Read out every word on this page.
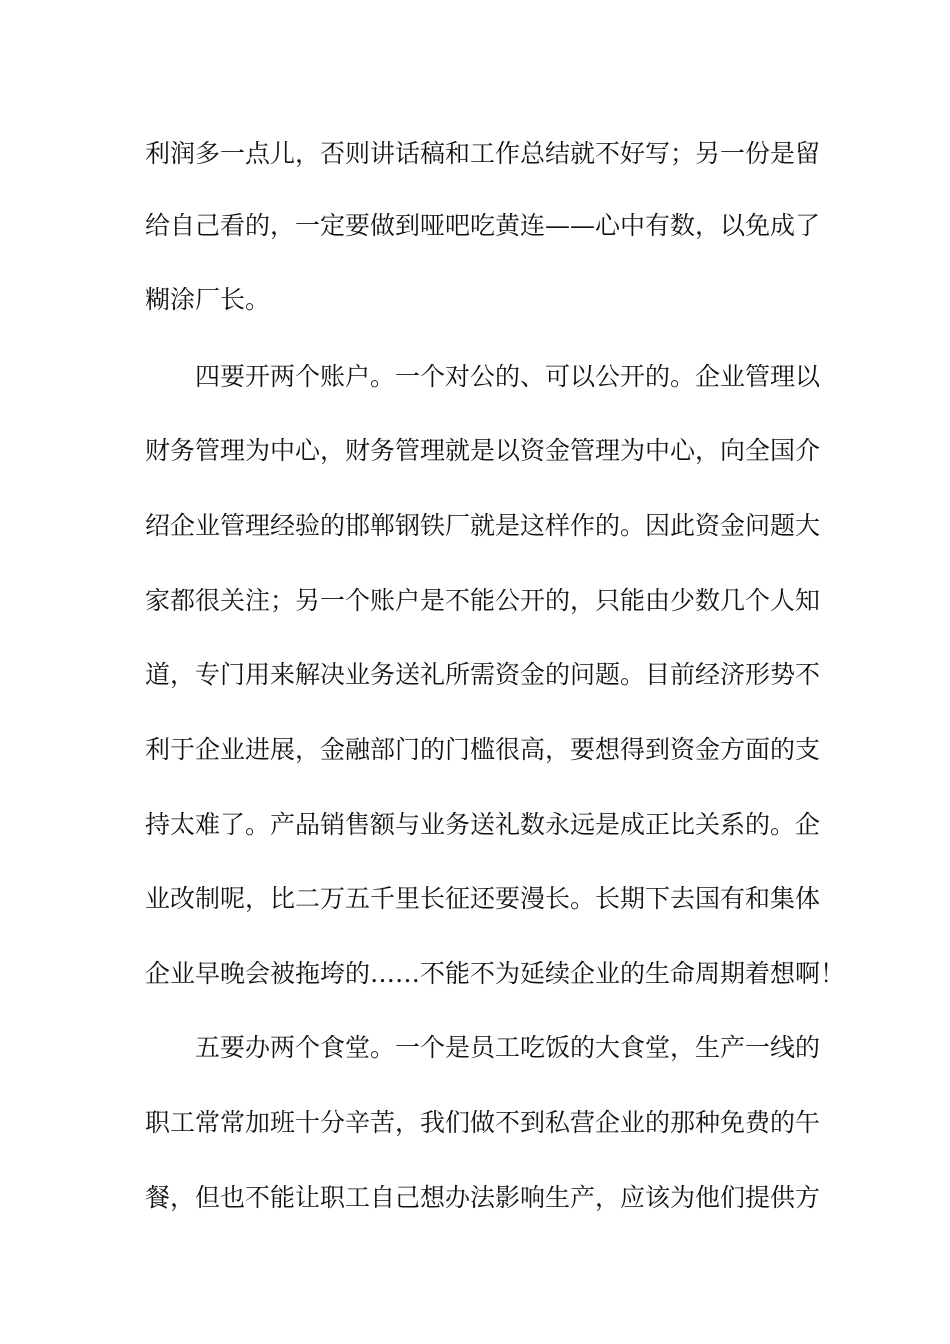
利润多一点儿，否则讲话稿和工作总结就不好写；另一份是留
给自己看的，一定要做到哑吧吃黄连——心中有数，以免成了
糊涂厂长。
四要开两个账户。一个对公的、可以公开的。企业管理以
财务管理为中心，财务管理就是以资金管理为中心，向全国介
绍企业管理经验的邯郸钢铁厂就是这样作的。因此资金问题大
家都很关注；另一个账户是不能公开的，只能由少数几个人知
道，专门用来解决业务送礼所需资金的问题。目前经济形势不
利于企业进展，金融部门的门槛很高，要想得到资金方面的支
持太难了。产品销售额与业务送礼数永远是成正比关系的。企
业改制呢，比二万五千里长征还要漫长。长期下去国有和集体
企业早晚会被拖垮的……不能不为延续企业的生命周期着想啊！
五要办两个食堂。一个是员工吃饭的大食堂，生产一线的
职工常常加班十分辛苦，我们做不到私营企业的那种免费的午
餐，但也不能让职工自己想办法影响生产，应该为他们提供方
